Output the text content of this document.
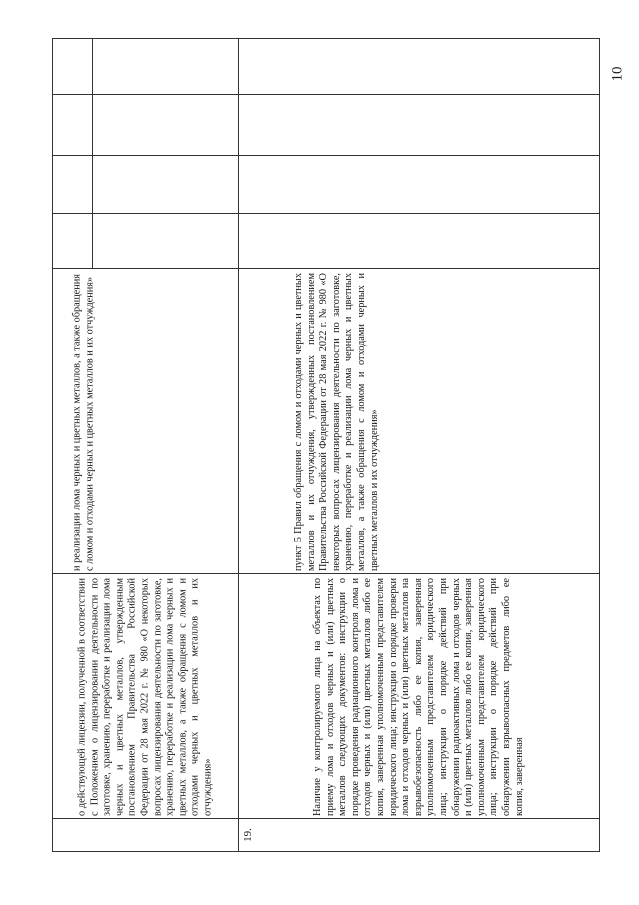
10
о действующей лицензии, полученной в соответствии с Положением о лицензировании деятельности по заготовке, хранению, переработке и реализации лома черных и цветных металлов, утвержденным постановлением Правительства Российской Федерации от 28 мая 2022 г. № 980 «О некоторых вопросах лицензирования деятельности по заготовке, хранению, переработке и реализации лома черных и цветных металлов, а также обращения с ломом и отходами черных и цветных металлов и их отчуждения»
и реализации лома черных и цветных металлов, а также обращения с ломом и отходами черных и цветных металлов и их отчуждения»
19.
Наличие у контролируемого лица на объектах по приему лома и отходов черных и (или) цветных металлов следующих документов: инструкции о порядке проведения радиационного контроля лома и отходов черных и (или) цветных металлов либо ее копия, заверенная уполномоченным представителем юридического лица; инструкции о порядке проверки лома и отходов черных и (или) цветных металлов на взрывобезопасность либо ее копия, заверенная уполномоченным представителем юридического лица; инструкции о порядке действий при обнаружении радиоактивных лома и отходов черных и (или) цветных металлов либо ее копия, заверенная уполномоченным представителем юридического лица; инструкции о порядке действий при обнаружении взрывоопасных предметов либо ее копия, заверенная
пункт 5 Правил обращения с ломом и отходами черных и цветных металлов и их отчуждения, утвержденных постановлением Правительства Российской Федерации от 28 мая 2022 г. № 980 «О некоторых вопросах лицензирования деятельности по заготовке, хранению, переработке и реализации лома черных и цветных металлов, а также обращения с ломом и отходами черных и цветных металлов и их отчуждения»
